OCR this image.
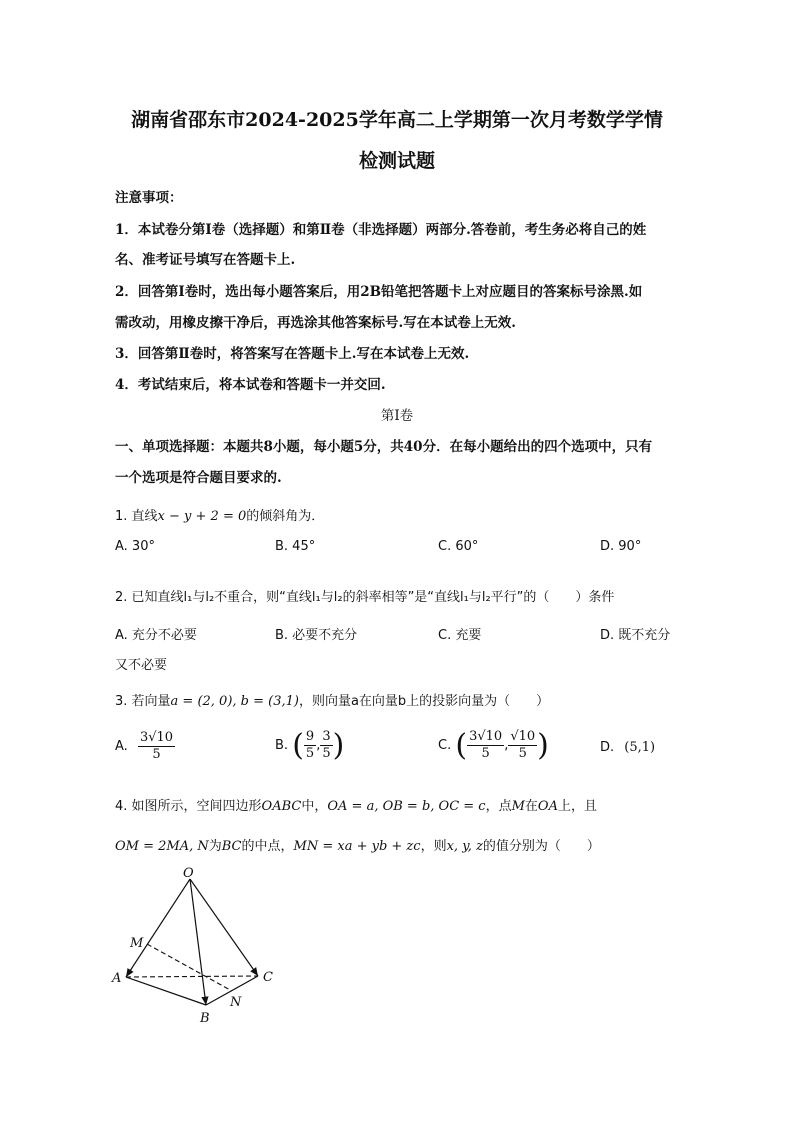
湖南省邵东市2024-2025学年高二上学期第一次月考数学学情
检测试题
注意事项：
1．本试卷分第Ⅰ卷（选择题）和第Ⅱ卷（非选择题）两部分.答卷前，考生务必将自己的姓
名、准考证号填写在答题卡上.
2．回答第Ⅰ卷时，选出每小题答案后，用2B铅笔把答题卡上对应题目的答案标号涂黑.如
需改动，用橡皮擦干净后，再选涂其他答案标号.写在本试卷上无效.
3．回答第Ⅱ卷时，将答案写在答题卡上.写在本试卷上无效.
4．考试结束后，将本试卷和答题卡一并交回.
第Ⅰ卷
一、单项选择题：本题共8小题，每小题5分，共40分．在每小题给出的四个选项中，只有
一个选项是符合题目要求的.
1. 直线x − y + 2 = 0的倾斜角为．
A. 30°	B. 45°	C. 60°	D. 90°
2. 已知直线l₁与l₂不重合，则“直线l₁与l₂的斜率相等”是“直线l₁与l₂平行”的（　　）条件
A. 充分不必要	B. 必要不充分	C. 充要	D. 既不充分
又不必要
3. 若向量a = (2, 0), b = (3,1)，则向量a在向量b上的投影向量为（　　）
A. $\frac{3√10}{5}$	B. ( $\frac{9}{5}$ , $\frac{3}{5}$ )	C. ( $\frac{3√10}{5}$ , $\frac{√10}{5}$ )	D. (5,1)
4. 如图所示，空间四边形OABC中，OA = a, OB = b, OC = c，点M在OA上，且
OM = 2MA, N为BC的中点，MN = xa + yb + zc，则x, y, z的值分别为（　　）
O
M
A	C
N
B
